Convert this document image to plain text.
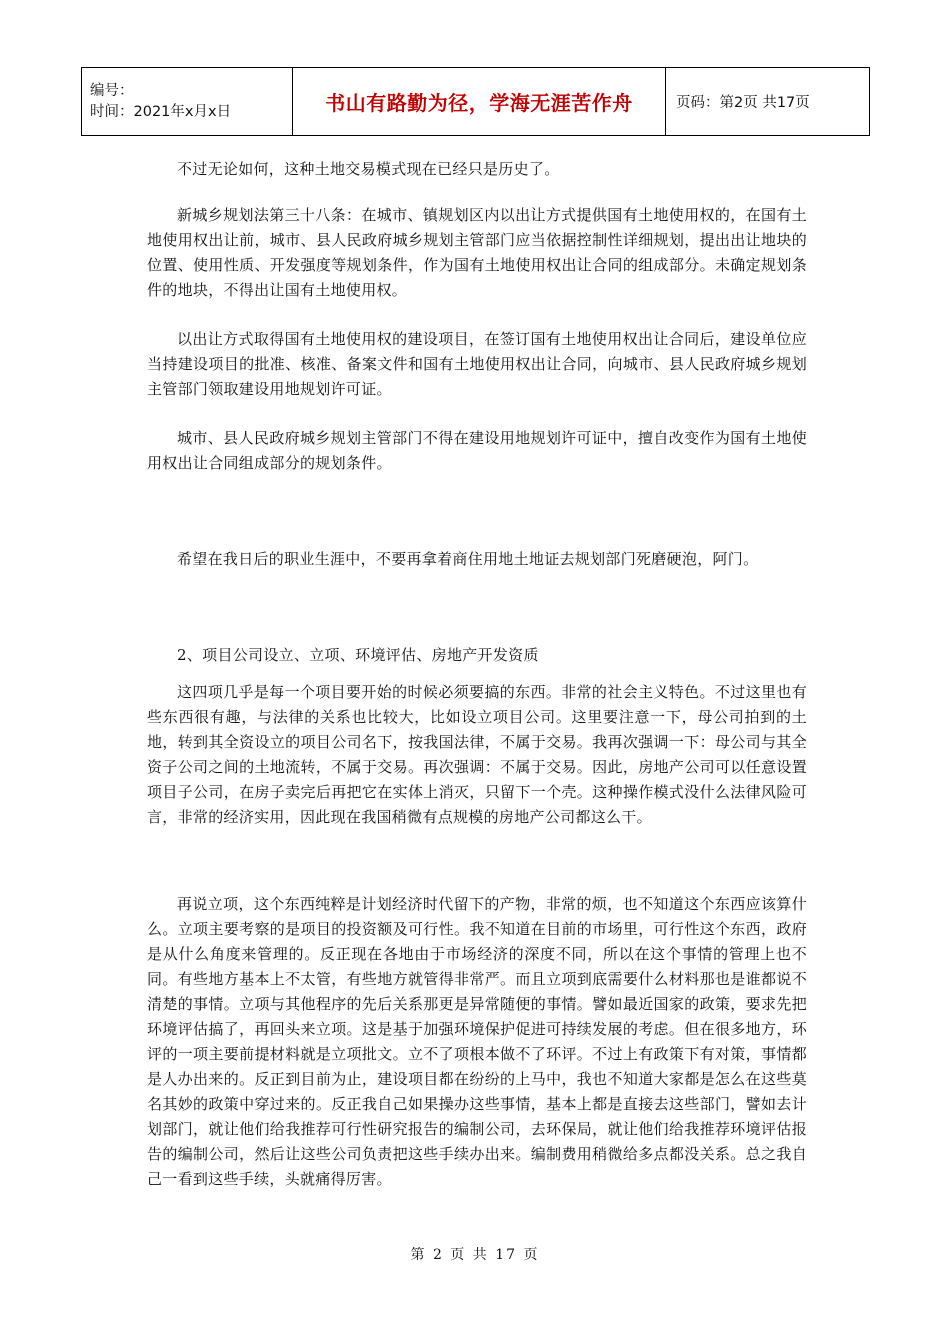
编号：
时间：2021年x月x日	书山有路勤为径，学海无涯苦作舟	页码：第2页 共17页

不过无论如何，这种土地交易模式现在已经只是历史了。

新城乡规划法第三十八条：在城市、镇规划区内以出让方式提供国有土地使用权的，在国有土地使用权出让前，城市、县人民政府城乡规划主管部门应当依据控制性详细规划，提出出让地块的位置、使用性质、开发强度等规划条件，作为国有土地使用权出让合同的组成部分。未确定规划条件的地块，不得出让国有土地使用权。

以出让方式取得国有土地使用权的建设项目，在签订国有土地使用权出让合同后，建设单位应当持建设项目的批准、核准、备案文件和国有土地使用权出让合同，向城市、县人民政府城乡规划主管部门领取建设用地规划许可证。

城市、县人民政府城乡规划主管部门不得在建设用地规划许可证中，擅自改变作为国有土地使用权出让合同组成部分的规划条件。

希望在我日后的职业生涯中，不要再拿着商住用地土地证去规划部门死磨硬泡，阿门。

2、项目公司设立、立项、环境评估、房地产开发资质

这四项几乎是每一个项目要开始的时候必须要搞的东西。非常的社会主义特色。不过这里也有些东西很有趣，与法律的关系也比较大，比如设立项目公司。这里要注意一下，母公司拍到的土地，转到其全资设立的项目公司名下，按我国法律，不属于交易。我再次强调一下：母公司与其全资子公司之间的土地流转，不属于交易。再次强调：不属于交易。因此，房地产公司可以任意设置项目子公司，在房子卖完后再把它在实体上消灭，只留下一个壳。这种操作模式没什么法律风险可言，非常的经济实用，因此现在我国稍微有点规模的房地产公司都这么干。

再说立项，这个东西纯粹是计划经济时代留下的产物，非常的烦，也不知道这个东西应该算什么。立项主要考察的是项目的投资额及可行性。我不知道在目前的市场里，可行性这个东西，政府是从什么角度来管理的。反正现在各地由于市场经济的深度不同，所以在这个事情的管理上也不同。有些地方基本上不太管，有些地方就管得非常严。而且立项到底需要什么材料那也是谁都说不清楚的事情。立项与其他程序的先后关系那更是异常随便的事情。譬如最近国家的政策，要求先把环境评估搞了，再回头来立项。这是基于加强环境保护促进可持续发展的考虑。但在很多地方，环评的一项主要前提材料就是立项批文。立不了项根本做不了环评。不过上有政策下有对策，事情都是人办出来的。反正到目前为止，建设项目都在纷纷的上马中，我也不知道大家都是怎么在这些莫名其妙的政策中穿过来的。反正我自己如果操办这些事情，基本上都是直接去这些部门，譬如去计划部门，就让他们给我推荐可行性研究报告的编制公司，去环保局，就让他们给我推荐环境评估报告的编制公司，然后让这些公司负责把这些手续办出来。编制费用稍微给多点都没关系。总之我自己一看到这些手续，头就痛得厉害。

第 2 页 共 17 页
